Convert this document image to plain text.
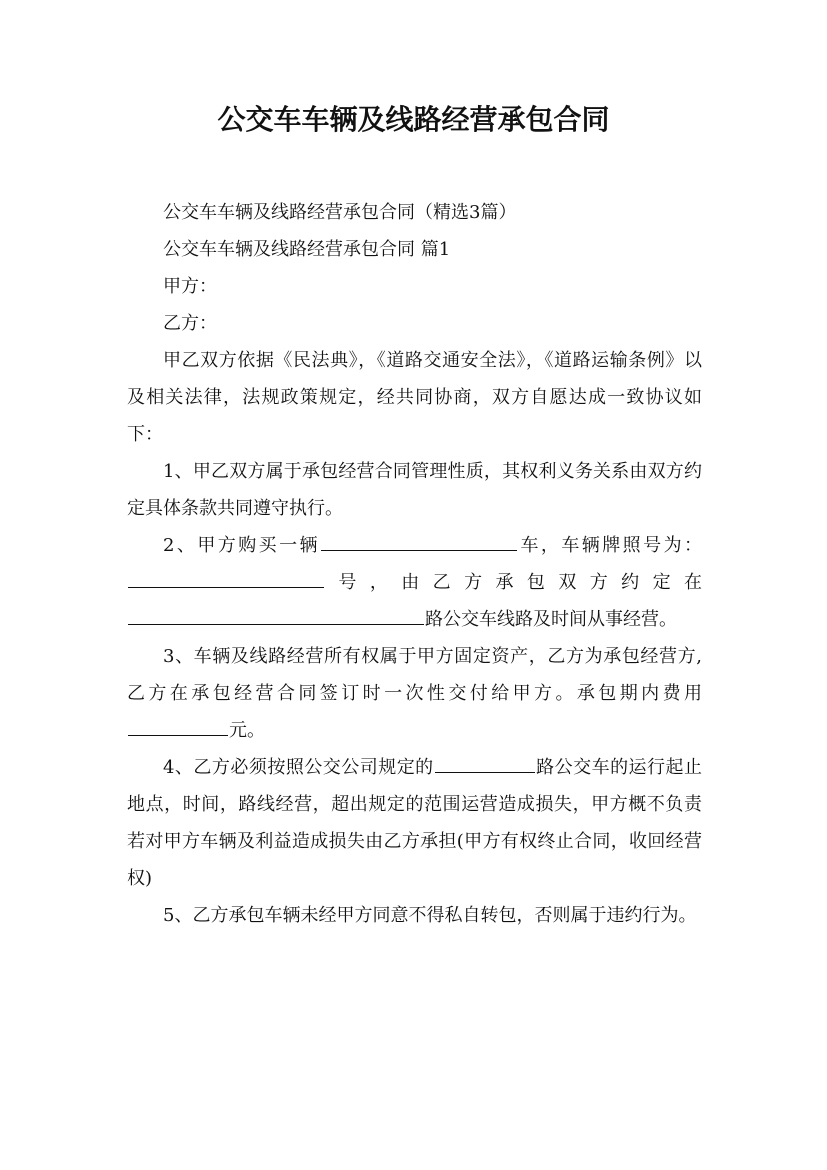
公交车车辆及线路经营承包合同

公交车车辆及线路经营承包合同（精选3篇）

公交车车辆及线路经营承包合同 篇1

甲方：

乙方：

甲乙双方依据《民法典》，《道路交通安全法》，《道路运输条例》以及相关法律，法规政策规定，经共同协商，双方自愿达成一致协议如下：

1、甲乙双方属于承包经营合同管理性质，其权利义务关系由双方约定具体条款共同遵守执行。

2、甲方购买一辆	车，车辆牌照号为：号，由乙方承包双方约定在路公交车线路及时间从事经营。

3、车辆及线路经营所有权属于甲方固定资产，乙方为承包经营方,乙方在承包经营合同签订时一次性交付给甲方。承包期内费用元。

4、乙方必须按照公交公司规定的	路公交车的运行起止地点，时间，路线经营，超出规定的范围运营造成损失，甲方概不负责若对甲方车辆及利益造成损失由乙方承担(甲方有权终止合同，收回经营权)

5、乙方承包车辆未经甲方同意不得私自转包，否则属于违约行为。
